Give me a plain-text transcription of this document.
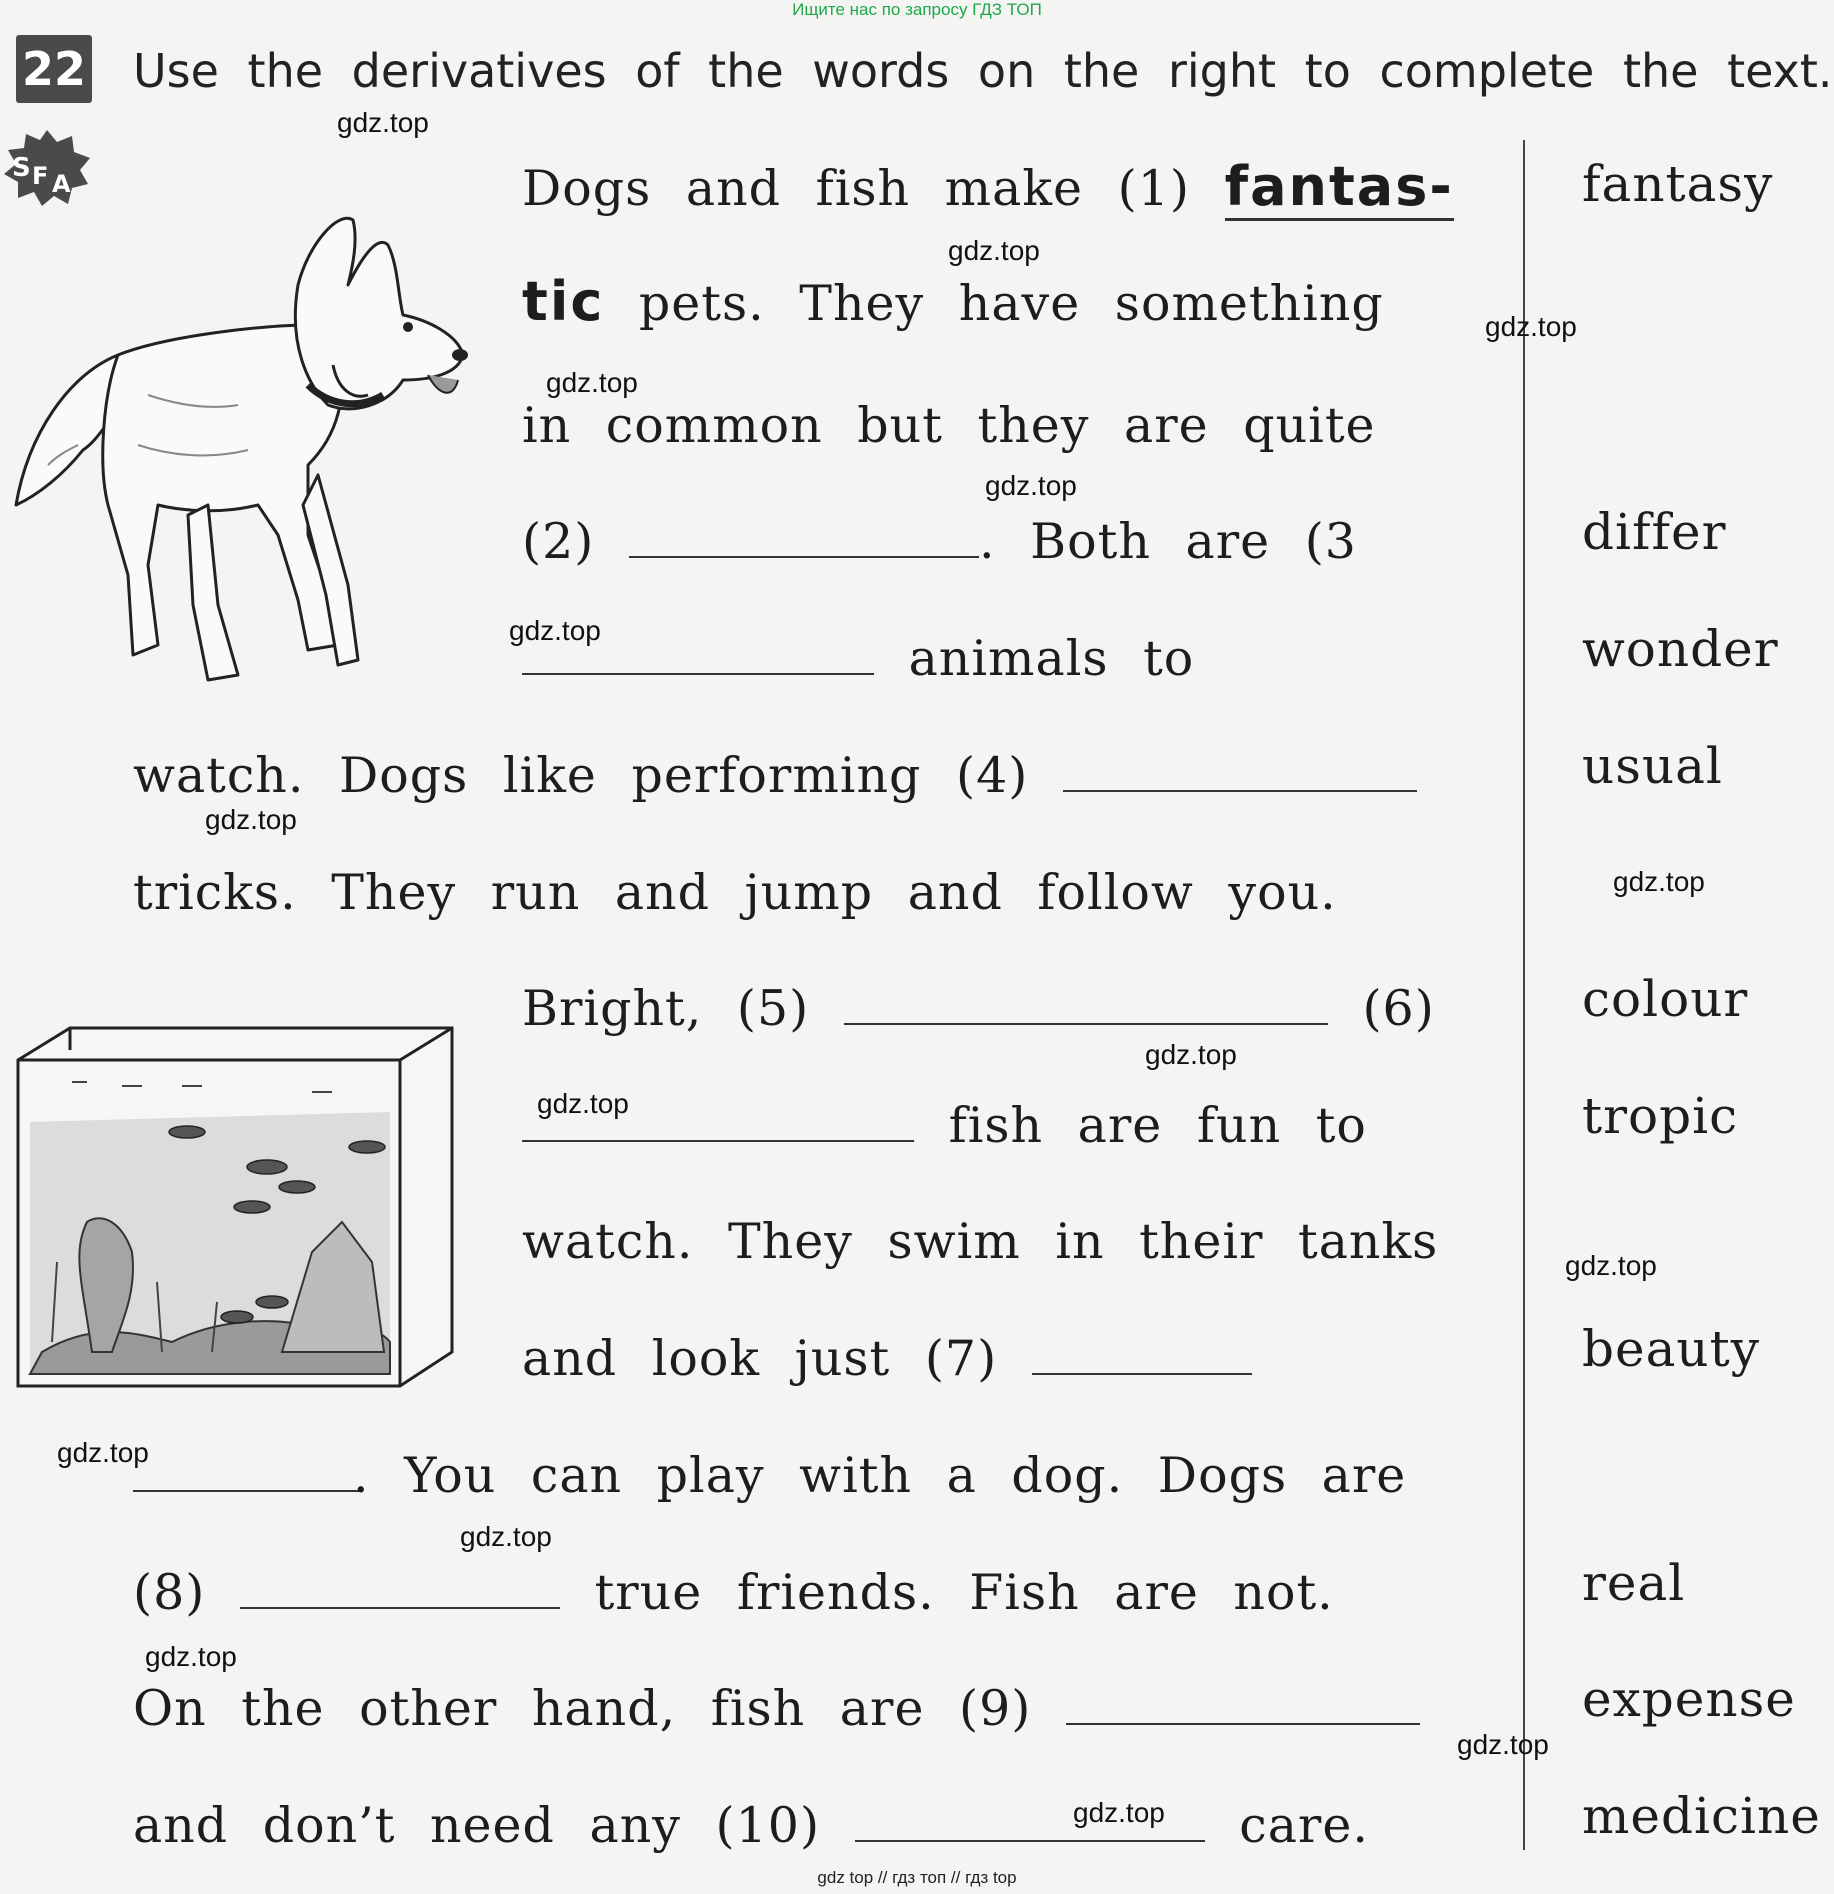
Ищите нас по запросу ГДЗ ТОП

22 Use the derivatives of the words on the right to complete the text.
S F A	Dogs and fish make (1) fantas-
tic pets. They have something
in common but they are quite
(2)	. Both are (3
animals to
watch. Dogs like performing (4)
tricks. They run and jump and follow you.
Bright, (5)	(6)
fish are fun to
watch. They swim in their tanks
and look just (7)
. You can play with a dog. Dogs are
(8)	true friends. Fish are not.
On the other hand, fish are (9)
and don’t need any (10)	care.
fantasy
differ
wonder
usual
colour
tropic
beauty
real
expense
medicine
gdz.top
gdz.top
gdz.top
gdz.top
gdz.top
gdz.top
gdz.top
gdz.top
gdz.top
gdz.top
gdz.top
gdz.top
gdz.top
gdz.top
gdz.top
gdz.top
gdz top // гдз топ // гдз top
